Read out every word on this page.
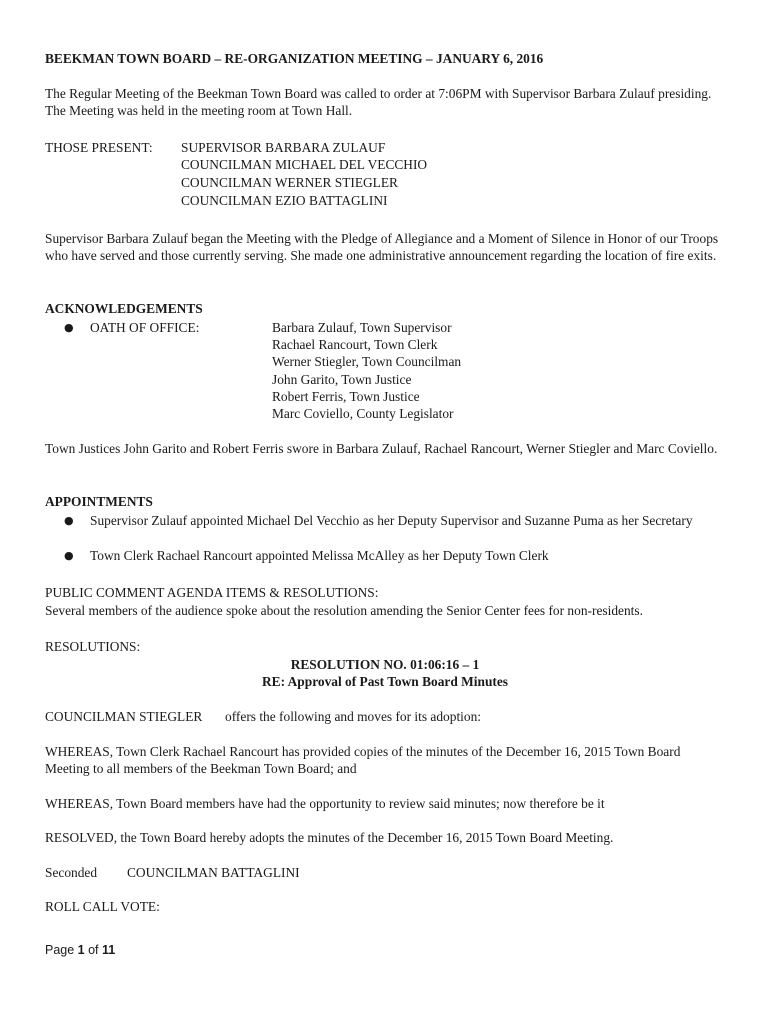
BEEKMAN TOWN BOARD – RE-ORGANIZATION MEETING – JANUARY 6, 2016
The Regular Meeting of the Beekman Town Board was called to order at 7:06PM with Supervisor Barbara Zulauf presiding. The Meeting was held in the meeting room at Town Hall.
THOSE PRESENT:	SUPERVISOR BARBARA ZULAUF
COUNCILMAN MICHAEL DEL VECCHIO
COUNCILMAN WERNER STIEGLER
COUNCILMAN EZIO BATTAGLINI
Supervisor Barbara Zulauf began the Meeting with the Pledge of Allegiance and a Moment of Silence in Honor of our Troops who have served and those currently serving. She made one administrative announcement regarding the location of fire exits.
ACKNOWLEDGEMENTS
● OATH OF OFFICE:	Barbara Zulauf, Town Supervisor
Rachael Rancourt, Town Clerk
Werner Stiegler, Town Councilman
John Garito, Town Justice
Robert Ferris, Town Justice
Marc Coviello, County Legislator
Town Justices John Garito and Robert Ferris swore in Barbara Zulauf, Rachael Rancourt, Werner Stiegler and Marc Coviello.
APPOINTMENTS
● Supervisor Zulauf appointed Michael Del Vecchio as her Deputy Supervisor and Suzanne Puma as her Secretary
● Town Clerk Rachael Rancourt appointed Melissa McAlley as her Deputy Town Clerk
PUBLIC COMMENT AGENDA ITEMS & RESOLUTIONS:
Several members of the audience spoke about the resolution amending the Senior Center fees for non-residents.
RESOLUTIONS:
RESOLUTION NO. 01:06:16 – 1
RE: Approval of Past Town Board Minutes
COUNCILMAN STIEGLER	offers the following and moves for its adoption:
WHEREAS, Town Clerk Rachael Rancourt has provided copies of the minutes of the December 16, 2015 Town Board Meeting to all members of the Beekman Town Board; and
WHEREAS, Town Board members have had the opportunity to review said minutes; now therefore be it
RESOLVED, the Town Board hereby adopts the minutes of the December 16, 2015 Town Board Meeting.
Seconded	COUNCILMAN BATTAGLINI
ROLL CALL VOTE:
Page 1 of 11
